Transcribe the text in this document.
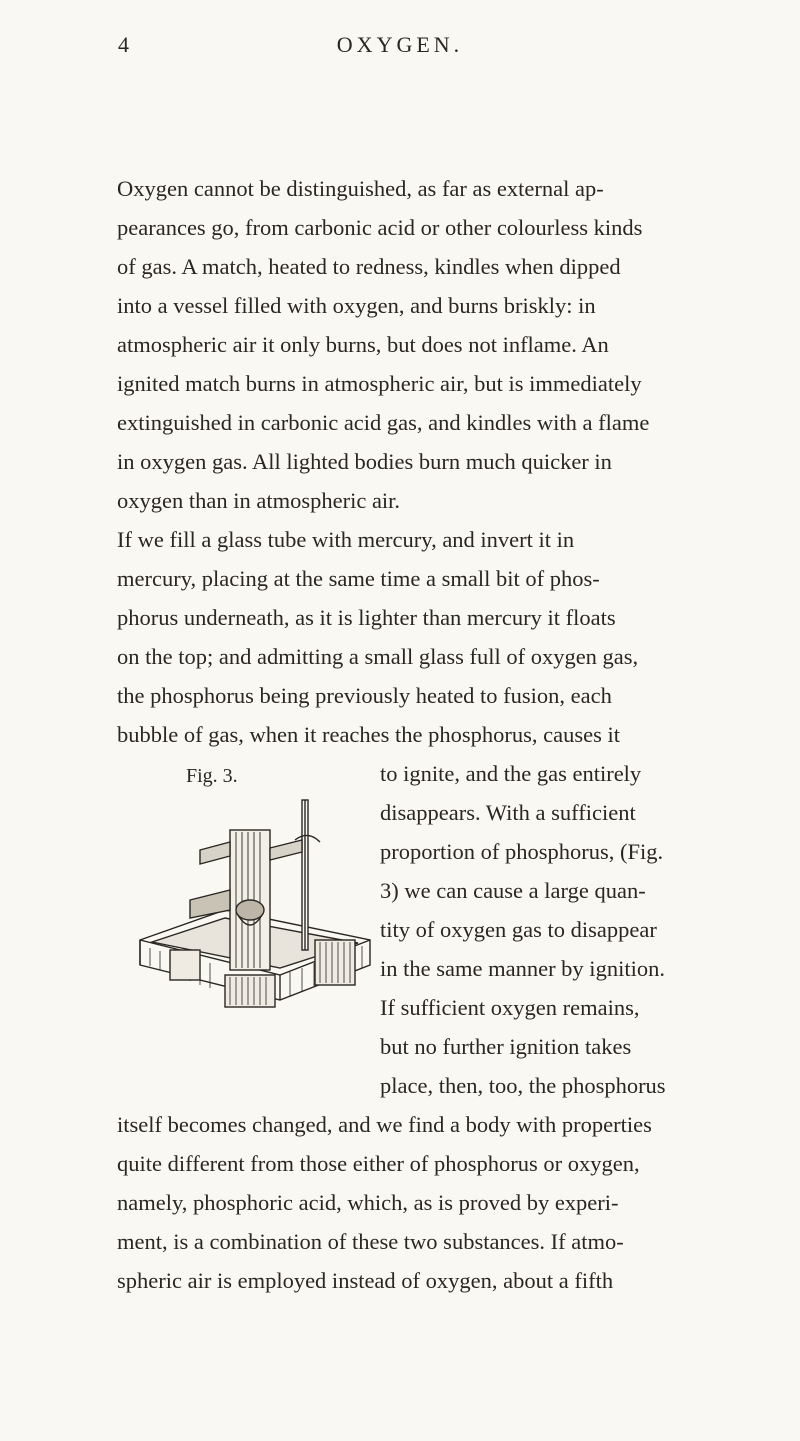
4	OXYGEN.
Oxygen cannot be distinguished, as far as external ap-
pearances go, from carbonic acid or other colourless kinds
of gas. A match, heated to redness, kindles when dipped
into a vessel filled with oxygen, and burns briskly: in
atmospheric air it only burns, but does not inflame. An
ignited match burns in atmospheric air, but is immediately
extinguished in carbonic acid gas, and kindles with a flame
in oxygen gas. All lighted bodies burn much quicker in
oxygen than in atmospheric air.
If we fill a glass tube with mercury, and invert it in
mercury, placing at the same time a small bit of phos-
phorus underneath, as it is lighter than mercury it floats
on the top; and admitting a small glass full of oxygen gas,
the phosphorus being previously heated to fusion, each
bubble of gas, when it reaches the phosphorus, causes it
to ignite, and the gas entirely
disappears. With a sufficient
proportion of phosphorus, (Fig.
3) we can cause a large quan-
tity of oxygen gas to disappear
in the same manner by ignition.
If sufficient oxygen remains,
but no further ignition takes
place, then, too, the phosphorus
itself becomes changed, and we find a body with properties
quite different from those either of phosphorus or oxygen,
namely, phosphoric acid, which, as is proved by experi-
ment, is a combination of these two substances. If atmo-
spheric air is employed instead of oxygen, about a fifth
Fig. 3.
